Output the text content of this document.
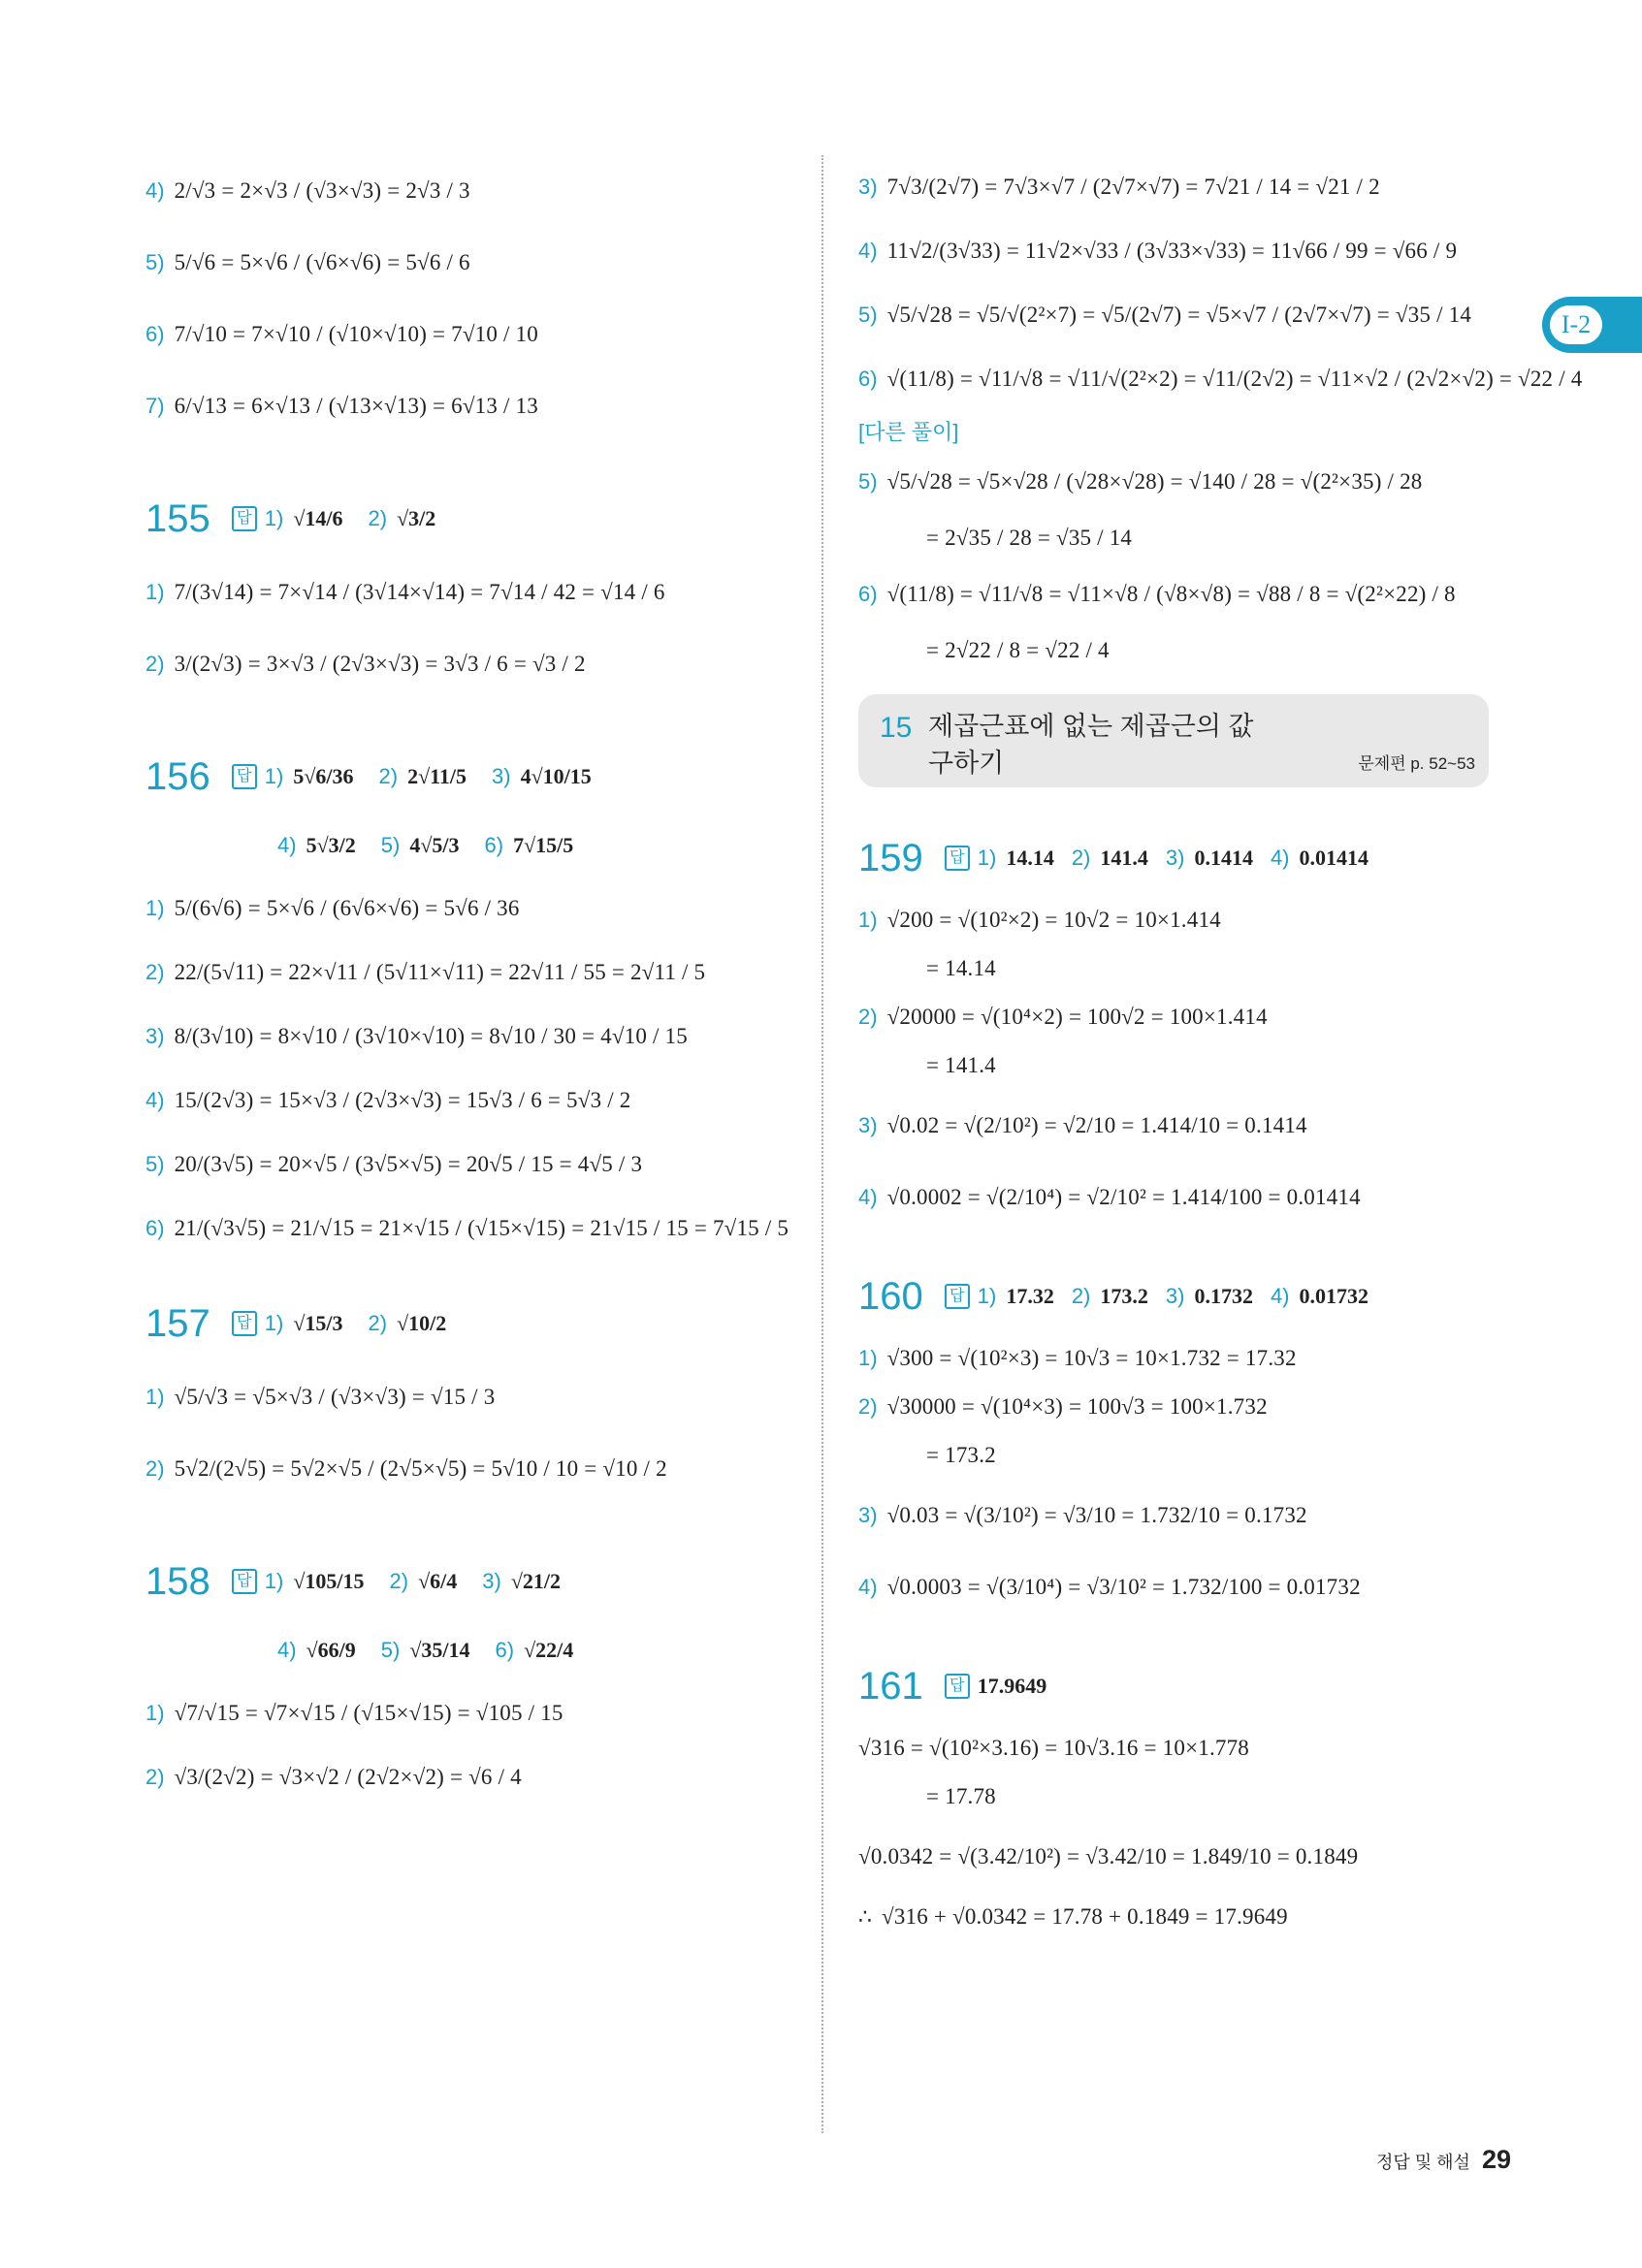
I-2
4) 2/√3 = 2×√3 / (√3×√3) = 2√3 / 3
5) 5/√6 = 5×√6 / (√6×√6) = 5√6 / 6
6) 7/√10 = 7×√10 / (√10×√10) = 7√10 / 10
7) 6/√13 = 6×√13 / (√13×√13) = 6√13 / 13
155	답 1) √14/6 2) √3/2
1) 7/(3√14) = 7×√14 / (3√14×√14) = 7√14 / 42 = √14 / 6
2) 3/(2√3) = 3×√3 / (2√3×√3) = 3√3 / 6 = √3 / 2
156	답 1) 5√6/36 2) 2√11/5 3) 4√10/15
4) 5√3/2 5) 4√5/3 6) 7√15/5
1) 5/(6√6) = 5×√6 / (6√6×√6) = 5√6 / 36
2) 22/(5√11) = 22×√11 / (5√11×√11) = 22√11 / 55 = 2√11 / 5
3) 8/(3√10) = 8×√10 / (3√10×√10) = 8√10 / 30 = 4√10 / 15
4) 15/(2√3) = 15×√3 / (2√3×√3) = 15√3 / 6 = 5√3 / 2
5) 20/(3√5) = 20×√5 / (3√5×√5) = 20√5 / 15 = 4√5 / 3
6) 21/(√3√5) = 21/√15 = 21×√15 / (√15×√15) = 21√15 / 15 = 7√15 / 5
157	답 1) √15/3 2) √10/2
1) √5/√3 = √5×√3 / (√3×√3) = √15 / 3
2) 5√2/(2√5) = 5√2×√5 / (2√5×√5) = 5√10 / 10 = √10 / 2
158	답 1) √105/15 2) √6/4 3) √21/2
4) √66/9 5) √35/14 6) √22/4
1) √7/√15 = √7×√15 / (√15×√15) = √105 / 15
2) √3/(2√2) = √3×√2 / (2√2×√2) = √6 / 4
3) 7√3/(2√7) = 7√3×√7 / (2√7×√7) = 7√21 / 14 = √21 / 2
4) 11√2/(3√33) = 11√2×√33 / (3√33×√33) = 11√66 / 99 = √66 / 9
5) √5/√28 = √5/√(2²×7) = √5/(2√7) = √5×√7 / (2√7×√7) = √35 / 14
6) √(11/8) = √11/√8 = √11/√(2²×2) = √11/(2√2) = √11×√2 / (2√2×√2) = √22 / 4
[다른 풀이]
5) √5/√28 = √5×√28 / (√28×√28) = √140 / 28 = √(2²×35) / 28
= 2√35 / 28 = √35 / 14
6) √(11/8) = √11/√8 = √11×√8 / (√8×√8) = √88 / 8 = √(2²×22) / 8
= 2√22 / 8 = √22 / 4
15 제곱근표에 없는 제곱근의 값
구하기	문제편 p. 52~53
159	답 1) 14.14 2) 141.4 3) 0.1414 4) 0.01414
1) √200 = √(10²×2) = 10√2 = 10×1.414
= 14.14
2) √20000 = √(10⁴×2) = 100√2 = 100×1.414
= 141.4
3) √0.02 = √(2/10²) = √2/10 = 1.414/10 = 0.1414
4) √0.0002 = √(2/10⁴) = √2/10² = 1.414/100 = 0.01414
160	답 1) 17.32 2) 173.2 3) 0.1732 4) 0.01732
1) √300 = √(10²×3) = 10√3 = 10×1.732 = 17.32
2) √30000 = √(10⁴×3) = 100√3 = 100×1.732
= 173.2
3) √0.03 = √(3/10²) = √3/10 = 1.732/10 = 0.1732
4) √0.0003 = √(3/10⁴) = √3/10² = 1.732/100 = 0.01732
161	답 17.9649
√316 = √(10²×3.16) = 10√3.16 = 10×1.778
= 17.78
√0.0342 = √(3.42/10²) = √3.42/10 = 1.849/10 = 0.1849
∴ √316 + √0.0342 = 17.78 + 0.1849 = 17.9649
정답 및 해설 29
